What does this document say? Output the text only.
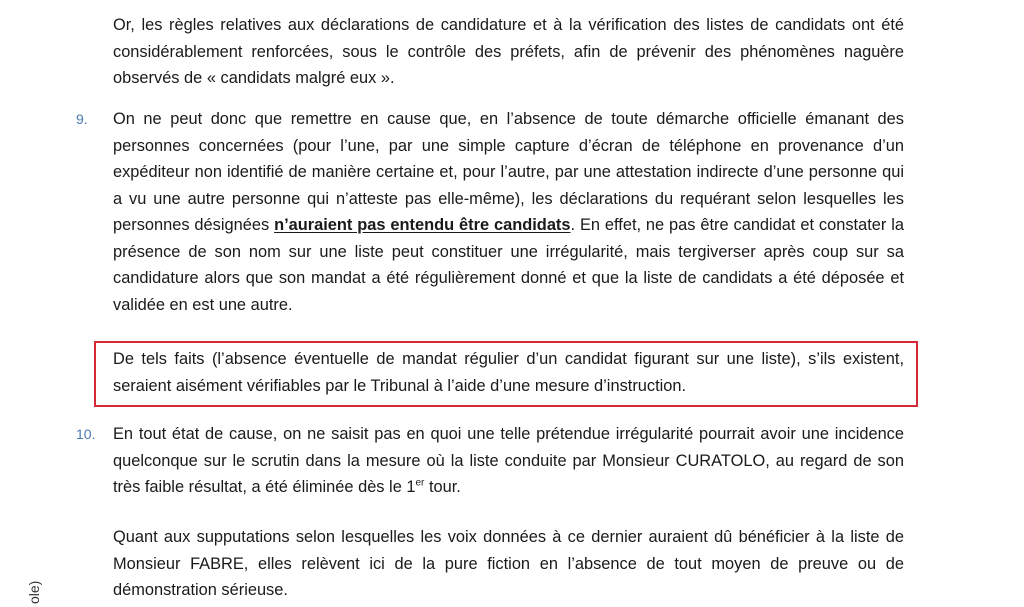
Or, les règles relatives aux déclarations de candidature et à la vérification des listes de candidats ont été considérablement renforcées, sous le contrôle des préfets, afin de prévenir des phénomènes naguère observés de « candidats malgré eux ».

9. On ne peut donc que remettre en cause que, en l’absence de toute démarche officielle émanant des personnes concernées (pour l’une, par une simple capture d’écran de téléphone en provenance d’un expéditeur non identifié de manière certaine et, pour l’autre, par une attestation indirecte d’une personne qui a vu une autre personne qui n’atteste pas elle-même), les déclarations du requérant selon lesquelles les personnes désignées n’auraient pas entendu être candidats. En effet, ne pas être candidat et constater la présence de son nom sur une liste peut constituer une irrégularité, mais tergiverser après coup sur sa candidature alors que son mandat a été régulièrement donné et que la liste de candidats a été déposée et validée en est une autre.

De tels faits (l’absence éventuelle de mandat régulier d’un candidat figurant sur une liste), s’ils existent, seraient aisément vérifiables par le Tribunal à l’aide d’une mesure d’instruction.

10. En tout état de cause, on ne saisit pas en quoi une telle prétendue irrégularité pourrait avoir une incidence quelconque sur le scrutin dans la mesure où la liste conduite par Monsieur CURATOLO, au regard de son très faible résultat, a été éliminée dès le 1er tour.

Quant aux supputations selon lesquelles les voix données à ce dernier auraient dû bénéficier à la liste de Monsieur FABRE, elles relèvent ici de la pure fiction en l’absence de tout moyen de preuve ou de démonstration sérieuse.

ole)
